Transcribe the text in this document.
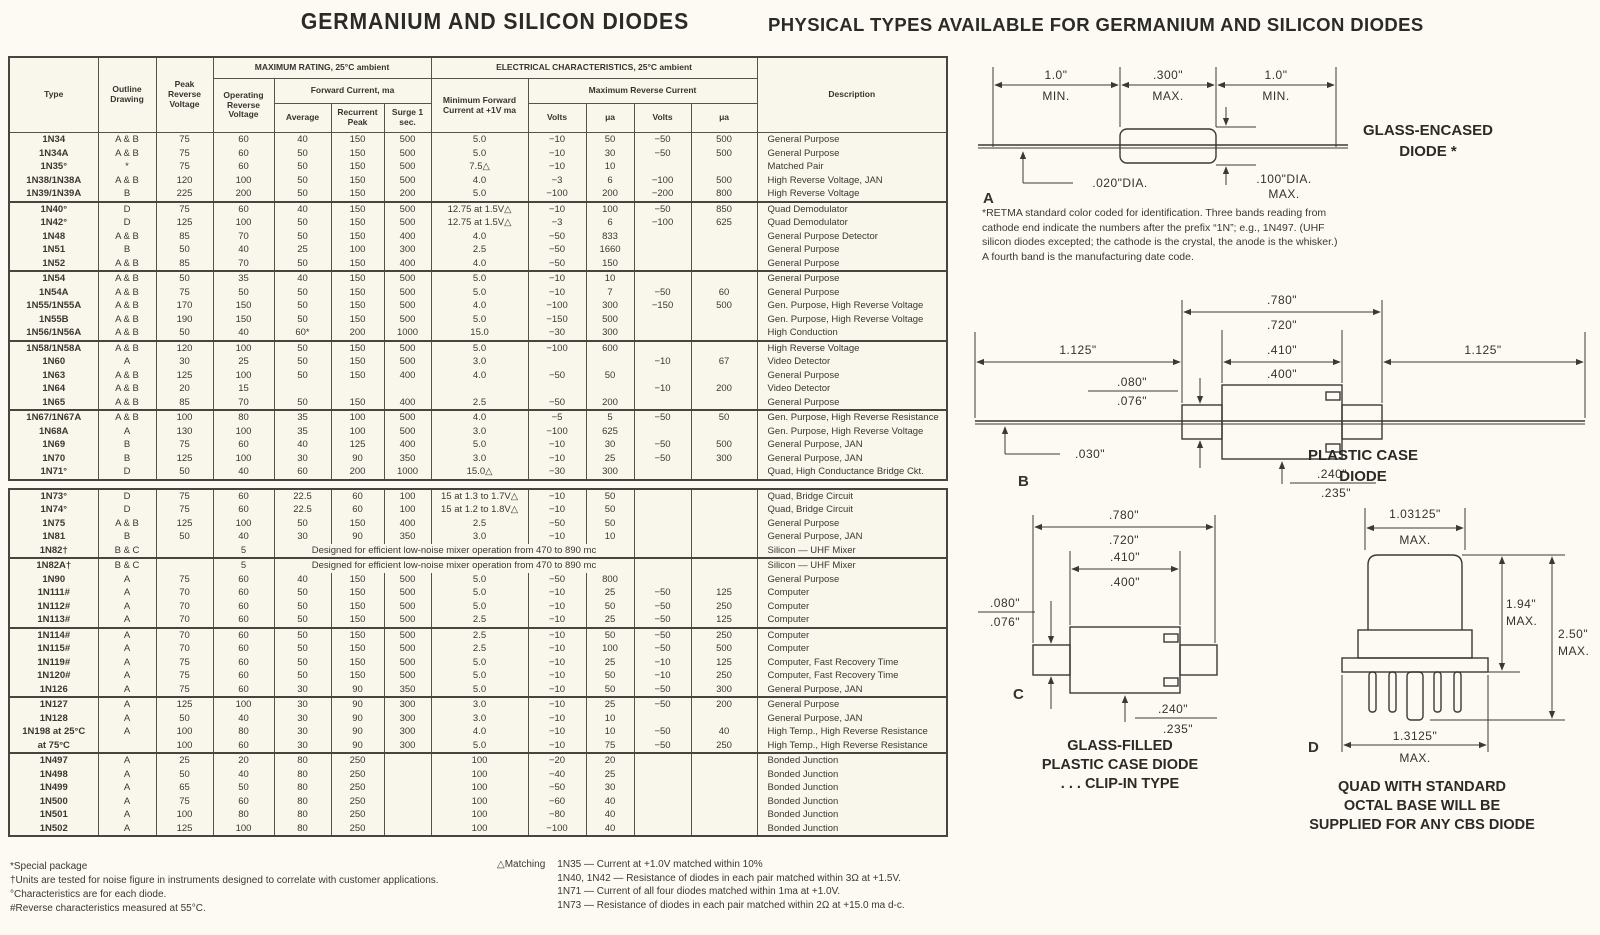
GERMANIUM AND SILICON DIODES	PHYSICAL TYPES AVAILABLE FOR GERMANIUM AND SILICON DIODES
Type	Outline Drawing	Peak Reverse Voltage	MAXIMUM RATING, 25°C ambient				ELECTRICAL CHARACTERISTICS, 25°C ambient					Description
			Operating Reverse Voltage	Forward Current, ma			Minimum Forward Current at +1V ma	Maximum Reverse Current				
				Average	Recurrent Peak	Surge 1 sec.		Volts	μa	Volts	μa	
1N34	A & B	75	60	40	150	500	5.0	−10	50	−50	500	General Purpose
1N34A	A & B	75	60	50	150	500	5.0	−10	30	−50	500	General Purpose
1N35°	*	75	60	50	150	500	7.5△	−10	10			Matched Pair
1N38/1N38A	A & B	120	100	50	150	500	4.0	−3	6	−100	500	High Reverse Voltage, JAN
1N39/1N39A	B	225	200	50	150	200	5.0	−100	200	−200	800	High Reverse Voltage
1N40°	D	75	60	40	150	500	12.75 at 1.5V△	−10	100	−50	850	Quad Demodulator
1N42°	D	125	100	50	150	500	12.75 at 1.5V△	−3	6	−100	625	Quad Demodulator
1N48	A & B	85	70	50	150	400	4.0	−50	833			General Purpose Detector
1N51	B	50	40	25	100	300	2.5	−50	1660			General Purpose
1N52	A & B	85	70	50	150	400	4.0	−50	150			General Purpose
1N54	A & B	50	35	40	150	500	5.0	−10	10			General Purpose
1N54A	A & B	75	50	50	150	500	5.0	−10	7	−50	60	General Purpose
1N55/1N55A	A & B	170	150	50	150	500	4.0	−100	300	−150	500	Gen. Purpose, High Reverse Voltage
1N55B	A & B	190	150	50	150	500	5.0	−150	500			Gen. Purpose, High Reverse Voltage
1N56/1N56A	A & B	50	40	60*	200	1000	15.0	−30	300			High Conduction
1N58/1N58A	A & B	120	100	50	150	500	5.0	−100	600			High Reverse Voltage
1N60	A	30	25	50	150	500	3.0			−10	67	Video Detector
1N63	A & B	125	100	50	150	400	4.0	−50	50			General Purpose
1N64	A & B	20	15							−10	200	Video Detector
1N65	A & B	85	70	50	150	400	2.5	−50	200			General Purpose
1N67/1N67A	A & B	100	80	35	100	500	4.0	−5	5	−50	50	Gen. Purpose, High Reverse Resistance
1N68A	A	130	100	35	100	500	3.0	−100	625			Gen. Purpose, High Reverse Voltage
1N69	B	75	60	40	125	400	5.0	−10	30	−50	500	General Purpose, JAN
1N70	B	125	100	30	90	350	3.0	−10	25	−50	300	General Purpose, JAN
1N71°	D	50	40	60	200	1000	15.0△	−30	300			Quad, High Conductance Bridge Ckt.
1N73°	D	75	60	22.5	60	100	15 at 1.3 to 1.7V△	−10	50			Quad, Bridge Circuit
1N74°	D	75	60	22.5	60	100	15 at 1.2 to 1.8V△	−10	50			Quad, Bridge Circuit
1N75	A & B	125	100	50	150	400	2.5	−50	50			General Purpose
1N81	B	50	40	30	90	350	3.0	−10	10			General Purpose, JAN
1N82†	B & C		5	Designed for efficient low-noise mixer operation from 470 to 890 mc								Silicon — UHF Mixer
1N82A†	B & C		5	Designed for efficient low-noise mixer operation from 470 to 890 mc								Silicon — UHF Mixer
1N90	A	75	60	40	150	500	5.0	−50	800			General Purpose
1N111#	A	70	60	50	150	500	5.0	−10	25	−50	125	Computer
1N112#	A	70	60	50	150	500	5.0	−10	50	−50	250	Computer
1N113#	A	70	60	50	150	500	2.5	−10	25	−50	125	Computer
1N114#	A	70	60	50	150	500	2.5	−10	50	−50	250	Computer
1N115#	A	70	60	50	150	500	2.5	−10	100	−50	500	Computer
1N119#	A	75	60	50	150	500	5.0	−10	25	−10	125	Computer, Fast Recovery Time
1N120#	A	75	60	50	150	500	5.0	−10	50	−10	250	Computer, Fast Recovery Time
1N126	A	75	60	30	90	350	5.0	−10	50	−50	300	General Purpose, JAN
1N127	A	125	100	30	90	300	3.0	−10	25	−50	200	General Purpose
1N128	A	50	40	30	90	300	3.0	−10	10			General Purpose, JAN
1N198 at 25°C	A	100	80	30	90	300	4.0	−10	10	−50	40	High Temp., High Reverse Resistance
at 75°C		100	60	30	90	300	5.0	−10	75	−50	250	High Temp., High Reverse Resistance
1N497	A	25	20	80	250		100	−20	20			Bonded Junction
1N498	A	50	40	80	250		100	−40	25			Bonded Junction
1N499	A	65	50	80	250		100	−50	30			Bonded Junction
1N500	A	75	60	80	250		100	−60	40			Bonded Junction
1N501	A	100	80	80	250		100	−80	40			Bonded Junction
1N502	A	125	100	80	250		100	−100	40			Bonded Junction
*Special package
†Units are tested for noise figure in instruments designed to correlate with customer applications.
°Characteristics are for each diode.
#Reverse characteristics measured at 55°C.
△Matching 1N35 — Current at +1.0V matched within 10%
1N40, 1N42 — Resistance of diodes in each pair matched within 3Ω at +1.5V.
1N71 — Current of all four diodes matched within 1ma at +1.0V.
1N73 — Resistance of diodes in each pair matched within 2Ω at +15.0 ma d-c.
1.0"
MIN.
.300"
MAX.
1.0"
MIN.
.100"DIA.
MAX.
.020"DIA.
A
GLASS-ENCASED
DIODE *
*RETMA standard color coded for identification. Three bands reading from cathode end indicate the numbers after the prefix “1N”; e.g., 1N497. (UHF silicon diodes excepted; the cathode is the crystal, the anode is the whisker.) A fourth band is the manufacturing date code.
.780"
.720"
1.125"	.410"
.400"
1.125"
.080"
.076"
.030"
.240"
.235"
B
PLASTIC CASE
DIODE
.780"
.720"
.410"
.400"
.080"
.076"
.240"
.235"
C
GLASS-FILLED
PLASTIC CASE DIODE
. . . CLIP-IN TYPE
1.03125"
MAX.
1.94"
MAX.
2.50"
MAX.
1.3125"
MAX.
D
QUAD WITH STANDARD
OCTAL BASE WILL BE
SUPPLIED FOR ANY CBS DIODE
